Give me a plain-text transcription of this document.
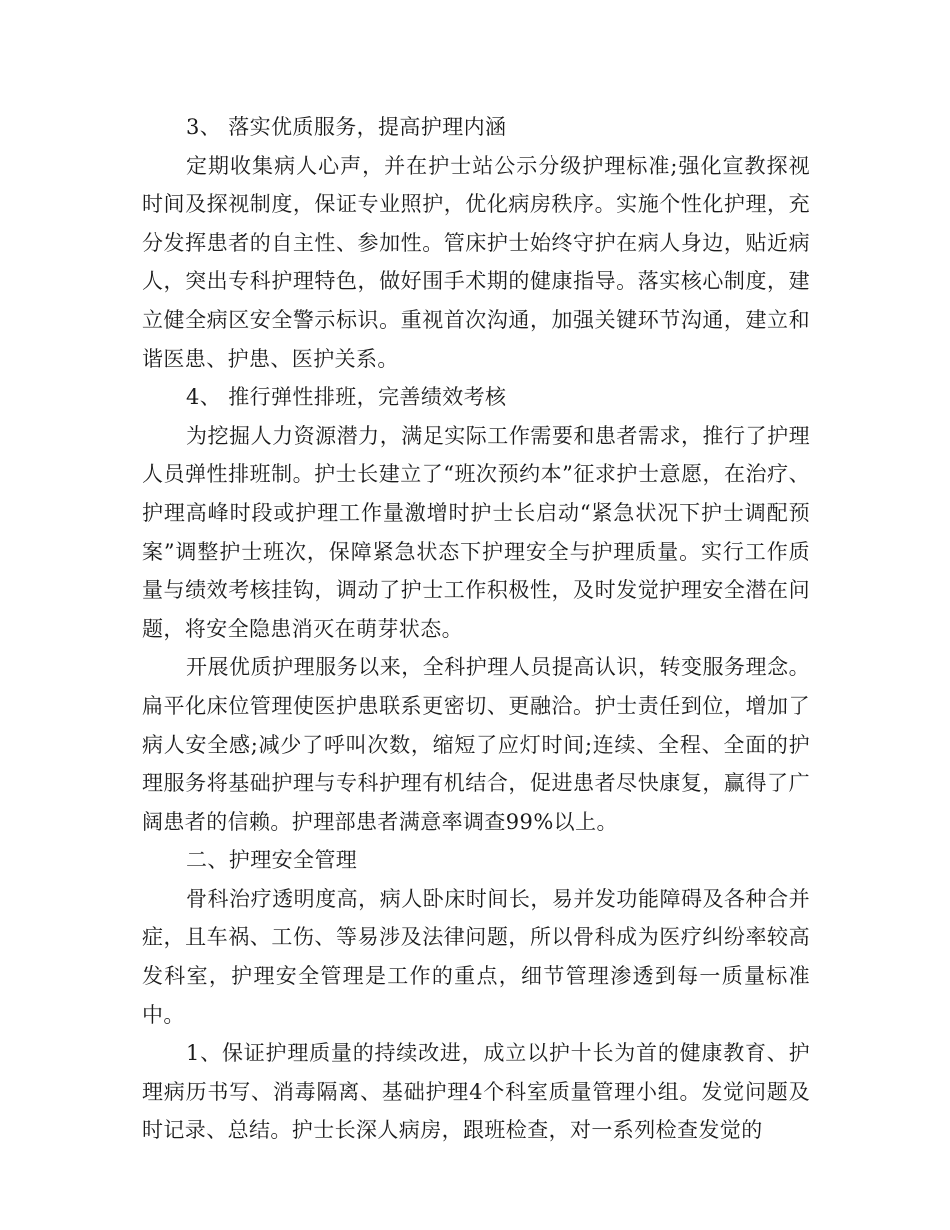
3、 落实优质服务，提高护理内涵

定期收集病人心声，并在护士站公示分级护理标准;强化宣教探视时间及探视制度，保证专业照护，优化病房秩序。实施个性化护理，充分发挥患者的自主性、参加性。管床护士始终守护在病人身边，贴近病人，突出专科护理特色，做好围手术期的健康指导。落实核心制度，建立健全病区安全警示标识。重视首次沟通，加强关键环节沟通，建立和谐医患、护患、医护关系。

4、 推行弹性排班，完善绩效考核

为挖掘人力资源潜力，满足实际工作需要和患者需求，推行了护理人员弹性排班制。护士长建立了“班次预约本”征求护士意愿，在治疗、护理高峰时段或护理工作量激增时护士长启动“紧急状况下护士调配预案”调整护士班次，保障紧急状态下护理安全与护理质量。实行工作质量与绩效考核挂钩，调动了护士工作积极性，及时发觉护理安全潜在问题，将安全隐患消灭在萌芽状态。

开展优质护理服务以来，全科护理人员提高认识，转变服务理念。扁平化床位管理使医护患联系更密切、更融洽。护士责任到位，增加了病人安全感;减少了呼叫次数，缩短了应灯时间;连续、全程、全面的护理服务将基础护理与专科护理有机结合，促进患者尽快康复，赢得了广阔患者的信赖。护理部患者满意率调查99%以上。

二、护理安全管理

骨科治疗透明度高，病人卧床时间长，易并发功能障碍及各种合并症，且车祸、工伤、等易涉及法律问题，所以骨科成为医疗纠纷率较高发科室，护理安全管理是工作的重点，细节管理渗透到每一质量标准中。

1、保证护理质量的持续改进，成立以护十长为首的健康教育、护理病历书写、消毒隔离、基础护理4个科室质量管理小组。发觉问题及时记录、总结。护士长深人病房，跟班检查，对一系列检查发觉的
